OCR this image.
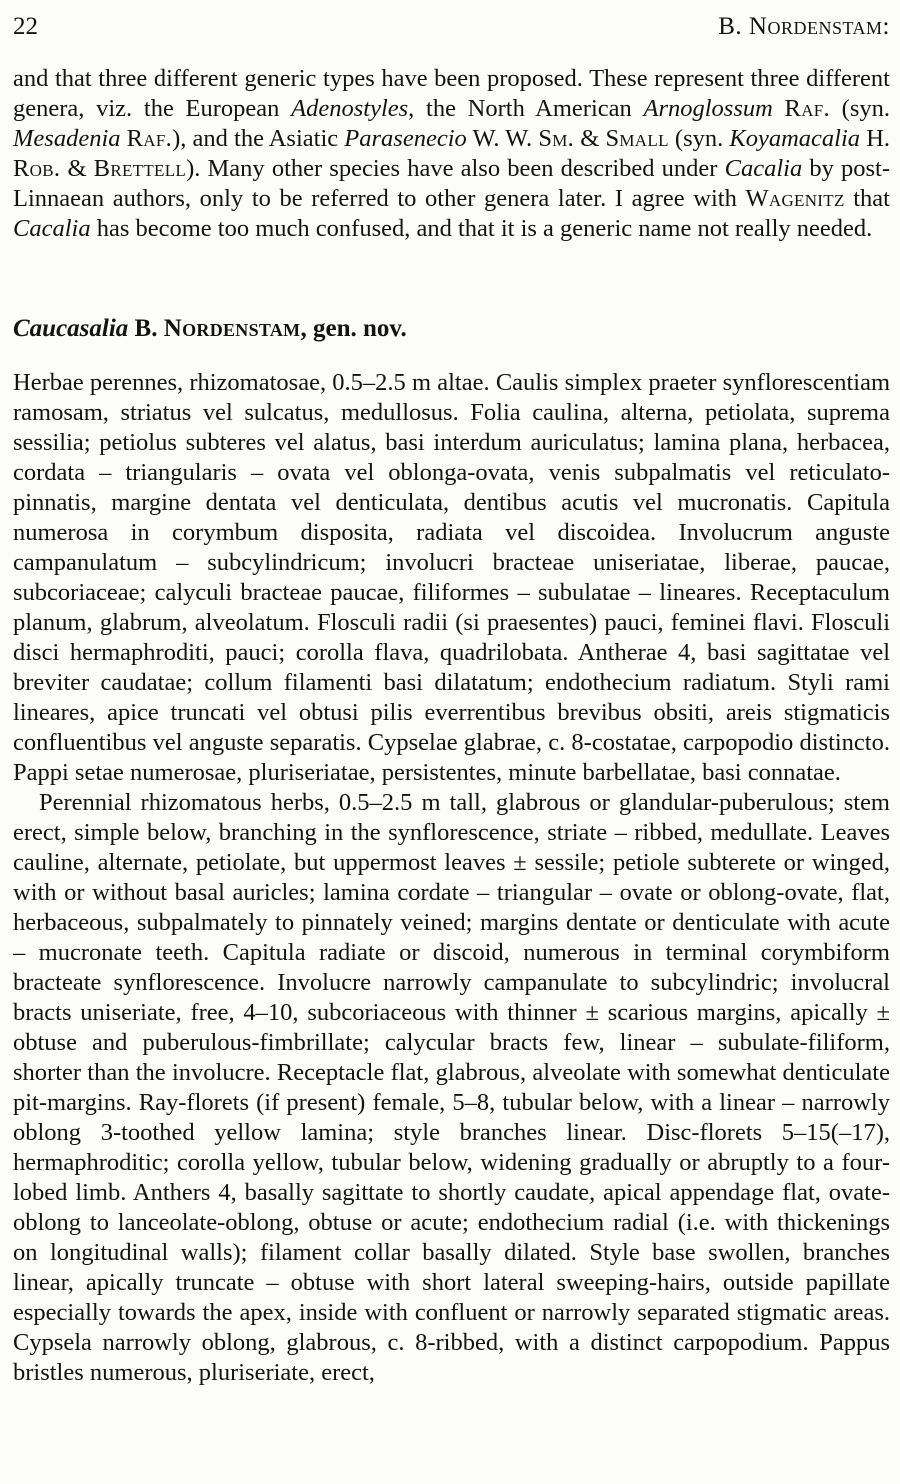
22	B. Nordenstam:

and that three different generic types have been proposed. These represent three different genera, viz. the European Adenostyles, the North American Arnoglossum Raf. (syn. Mesadenia Raf.), and the Asiatic Parasenecio W. W. Sm. & Small (syn. Koyamacalia H. Rob. & Brettell). Many other species have also been described under Cacalia by post-Linnaean authors, only to be referred to other genera later. I agree with Wagenitz that Cacalia has become too much confused, and that it is a generic name not really needed.

Caucasalia B. Nordenstam, gen. nov.

Herbae perennes, rhizomatosae, 0.5–2.5 m altae. Caulis simplex praeter synflorescentiam ramosam, striatus vel sulcatus, medullosus. Folia caulina, alterna, petiolata, suprema sessilia; petiolus subteres vel alatus, basi interdum auriculatus; lamina plana, herbacea, cordata – triangularis – ovata vel oblonga-ovata, venis subpalmatis vel reticulato-pinnatis, margine dentata vel denticulata, dentibus acutis vel mucronatis. Capitula numerosa in corymbum disposita, radiata vel discoidea. Involucrum anguste campanulatum – subcylindricum; involucri bracteae uniseriatae, liberae, paucae, subcoriaceae; calyculi bracteae paucae, filiformes – subulatae – lineares. Receptaculum planum, glabrum, alveolatum. Flosculi radii (si praesentes) pauci, feminei flavi. Flosculi disci hermaphroditi, pauci; corolla flava, quadrilobata. Antherae 4, basi sagittatae vel breviter caudatae; collum filamenti basi dilatatum; endothecium radiatum. Styli rami lineares, apice truncati vel obtusi pilis everrentibus brevibus obsiti, areis stigmaticis confluentibus vel anguste separatis. Cypselae glabrae, c. 8-costatae, carpopodio distincto. Pappi setae numerosae, pluriseriatae, persistentes, minute barbellatae, basi connatae.

Perennial rhizomatous herbs, 0.5–2.5 m tall, glabrous or glandular-puberulous; stem erect, simple below, branching in the synflorescence, striate – ribbed, medullate. Leaves cauline, alternate, petiolate, but uppermost leaves ± sessile; petiole subterete or winged, with or without basal auricles; lamina cordate – triangular – ovate or oblong-ovate, flat, herbaceous, subpalmately to pinnately veined; margins dentate or denticulate with acute – mucronate teeth. Capitula radiate or discoid, numerous in terminal corymbiform bracteate synflorescence. Involucre narrowly campanulate to subcylindric; involucral bracts uniseriate, free, 4–10, subcoriaceous with thinner ± scarious margins, apically ± obtuse and puberulous-fimbrillate; calycular bracts few, linear – subulate-filiform, shorter than the involucre. Receptacle flat, glabrous, alveolate with somewhat denticulate pit-margins. Ray-florets (if present) female, 5–8, tubular below, with a linear – narrowly oblong 3-toothed yellow lamina; style branches linear. Disc-florets 5–15(–17), hermaphroditic; corolla yellow, tubular below, widening gradually or abruptly to a four-lobed limb. Anthers 4, basally sagittate to shortly caudate, apical appendage flat, ovate-oblong to lanceolate-oblong, obtuse or acute; endothecium radial (i.e. with thickenings on longitudinal walls); filament collar basally dilated. Style base swollen, branches linear, apically truncate – obtuse with short lateral sweeping-hairs, outside papillate especially towards the apex, inside with confluent or narrowly separated stigmatic areas. Cypsela narrowly oblong, glabrous, c. 8-ribbed, with a distinct carpopodium. Pappus bristles numerous, pluriseriate, erect,
